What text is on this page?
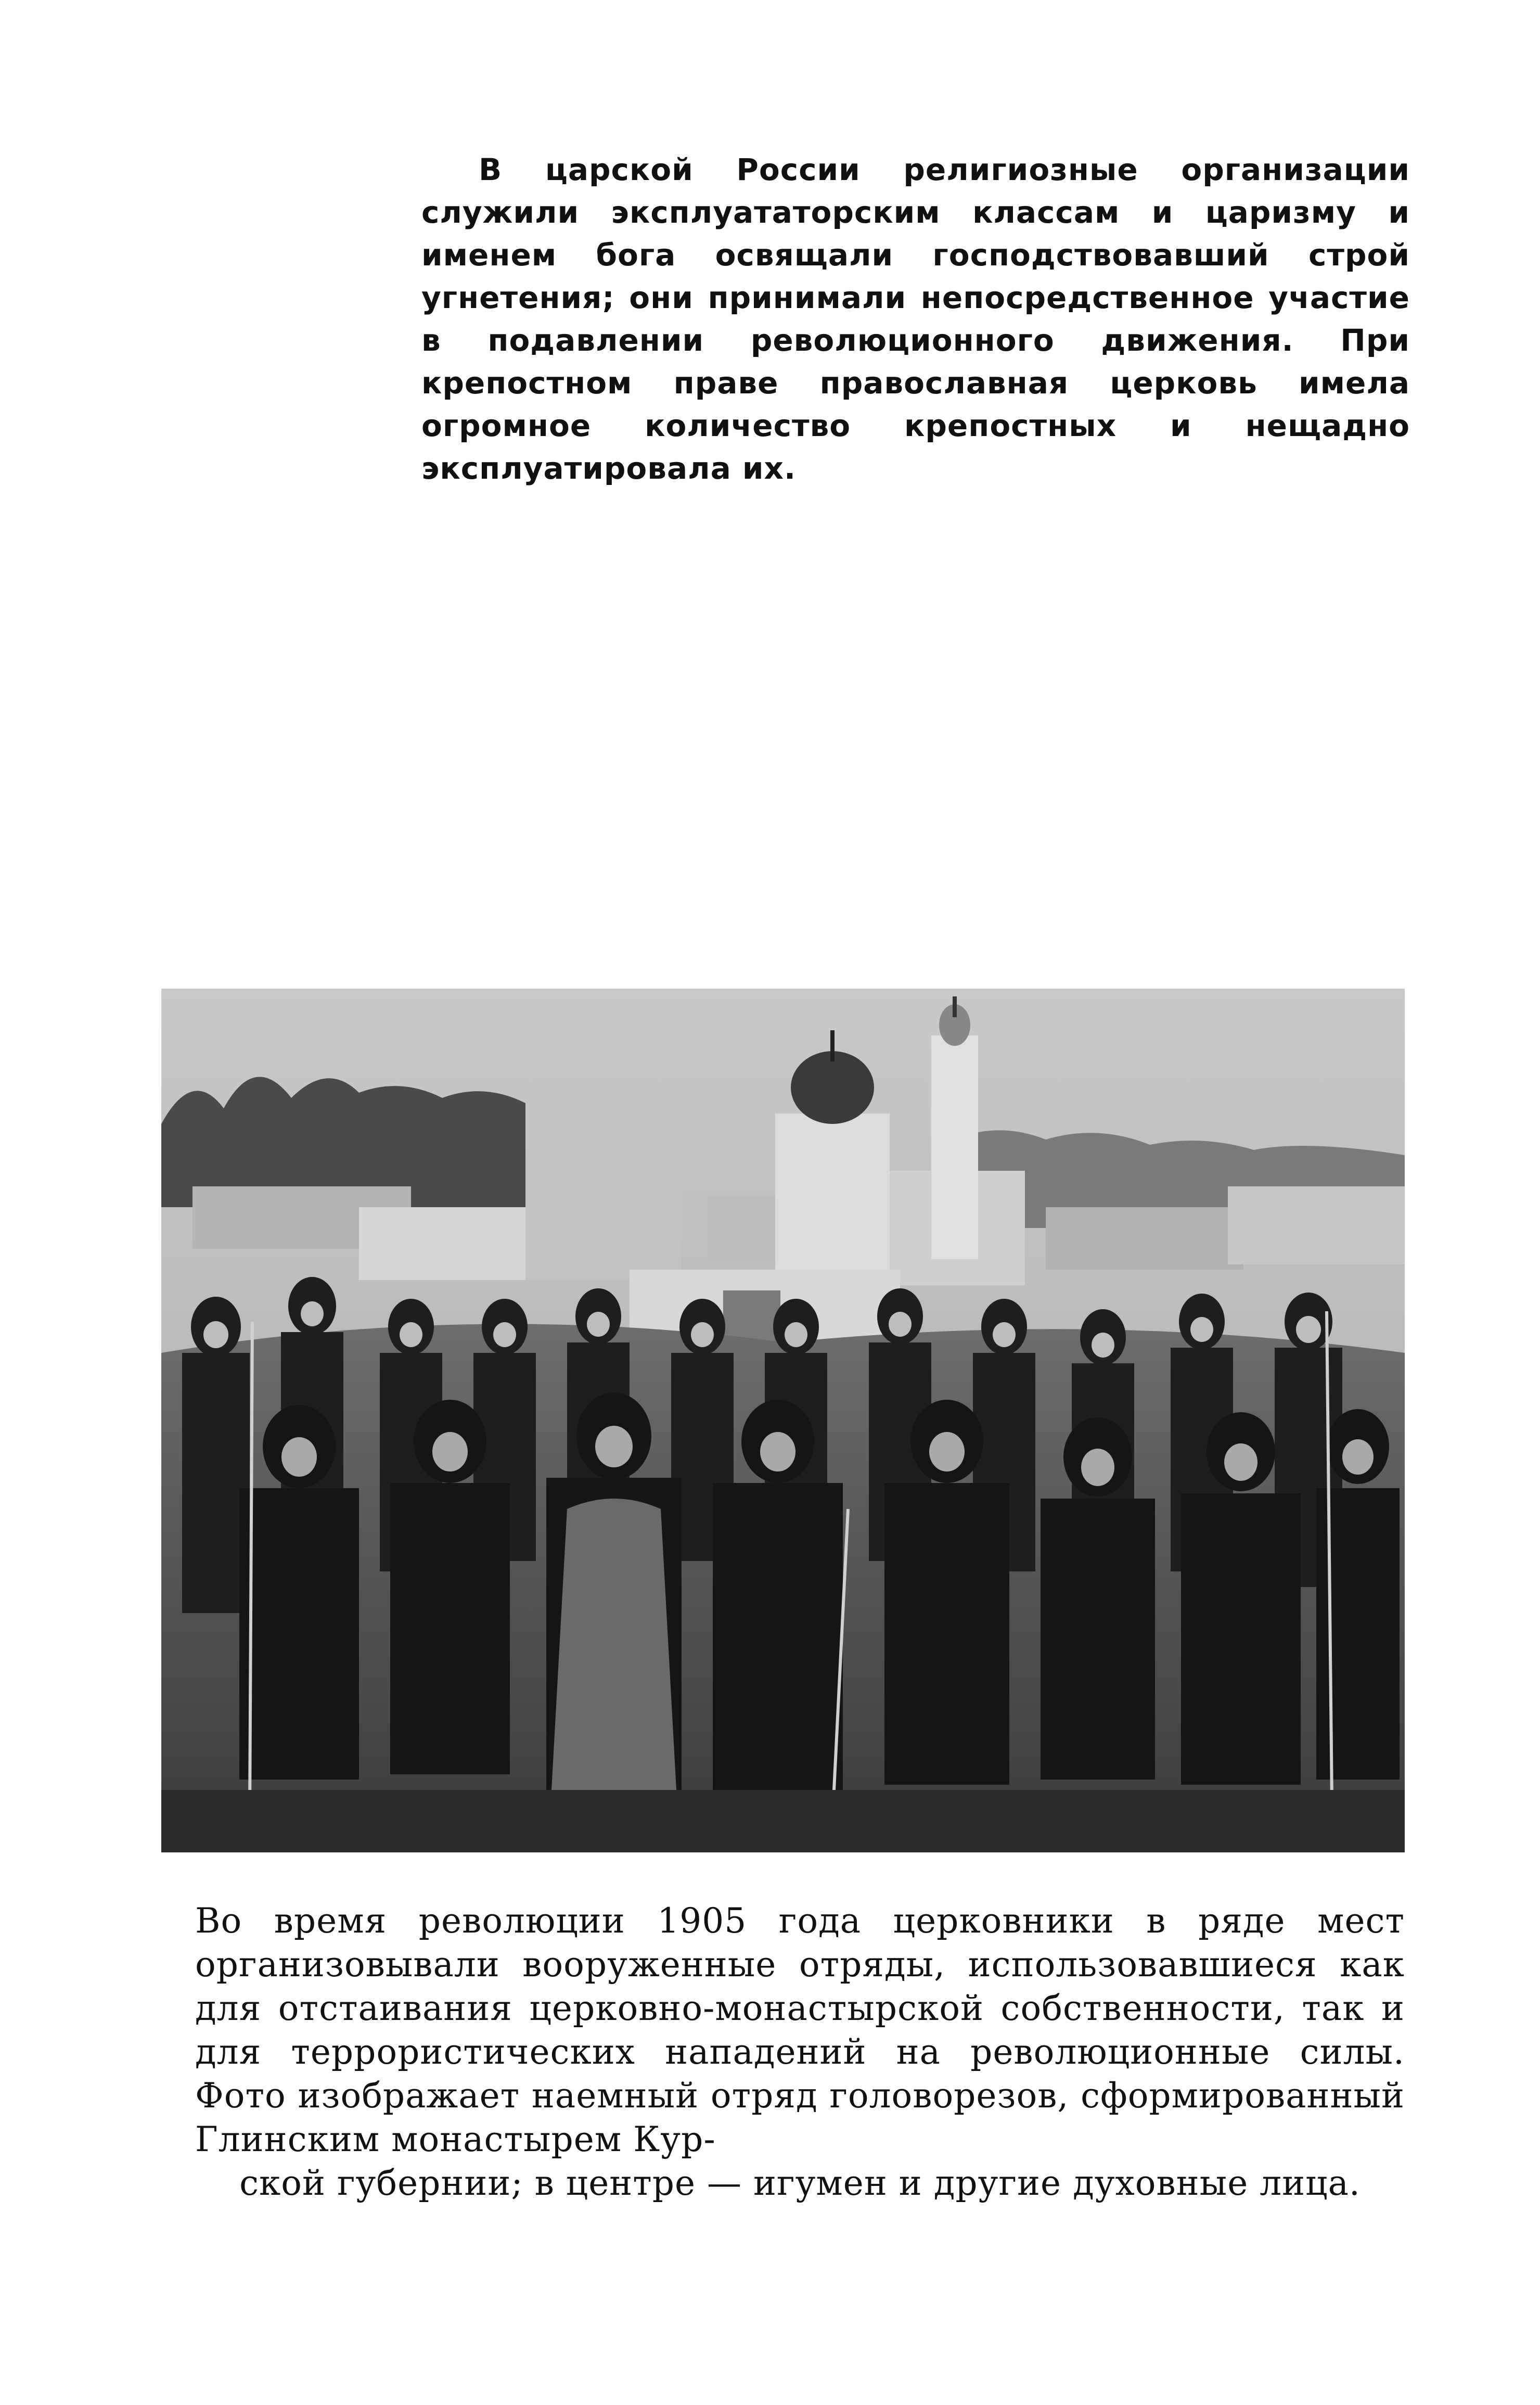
В царской России религиозные организации служили эксплуататорским классам и царизму и именем бога освящали господствовавший строй угнетения; они принимали непосредственное участие в подавлении революционного движения. При крепостном праве православная церковь имела огромное количество крепостных и нещадно эксплуатировала их.

Во время революции 1905 года церковники в ряде мест организовывали вооруженные отряды, использовавшиеся как для отстаивания церковно-монастырской собственности, так и для террористических нападений на революционные силы. Фото изображает наемный отряд головорезов, сформированный Глинским монастырем Кур-

ской губернии; в центре — игумен и другие духовные лица.
